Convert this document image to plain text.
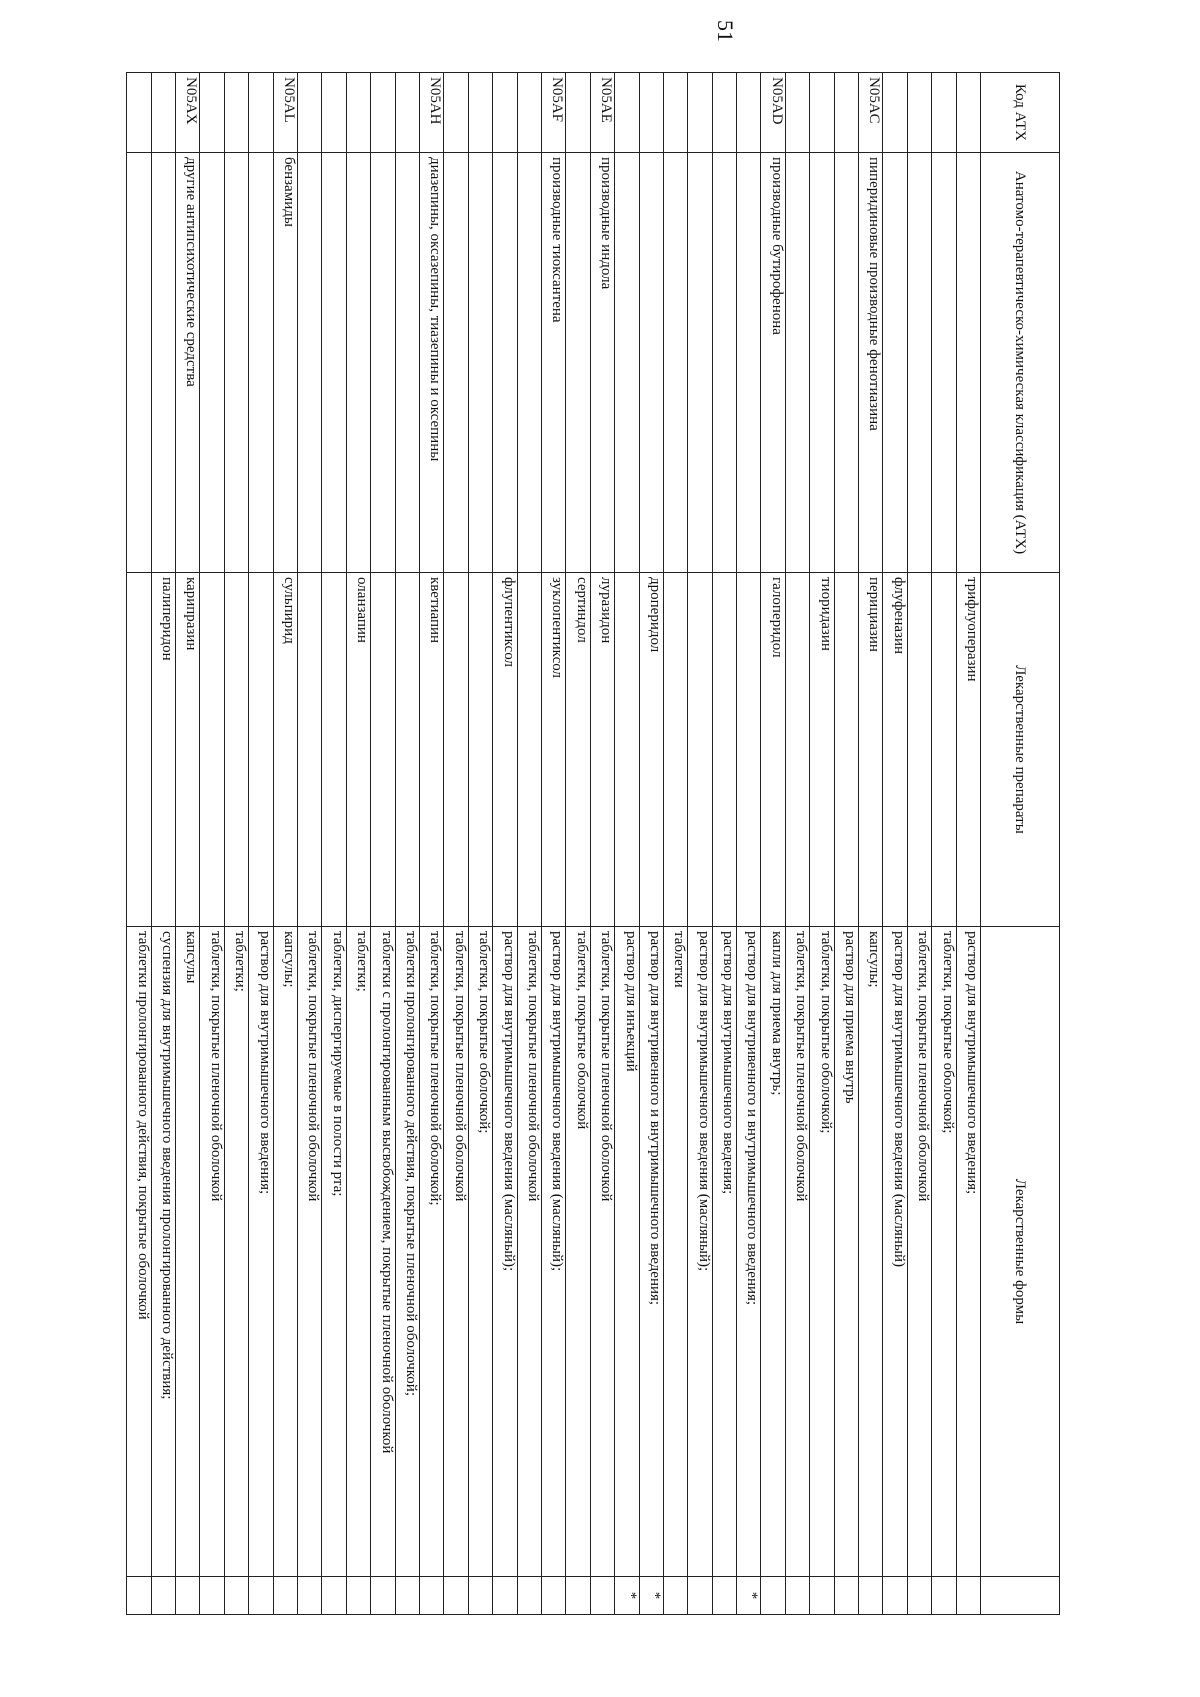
51
Код АТХ	Анатомо-терапевтическо-химическая классификация (АТХ)	Лекарственные препараты	Лекарственные формы	
		трифлуоперазин	раствор для внутримышечного введения;	
			таблетки, покрытые оболочкой;	
			таблетки, покрытые пленочной оболочкой	
		флуфеназин	раствор для внутримышечного введения (масляный)	
N05AC	пиперидиновые производные фенотиазина	перициазин	капсулы;	
			раствор для приема внутрь	
		тиоридазин	таблетки, покрытые оболочкой;	
			таблетки, покрытые пленочной оболочкой	
N05AD	производные бутирофенона	галоперидол	капли для приема внутрь;	
			раствор для внутривенного и внутримышечного введения;	*
			раствор для внутримышечного введения;	
			раствор для внутримышечного введения (масляный);	
			таблетки	
		дроперидол	раствор для внутривенного и внутримышечного введения;	*
			раствор для инъекций	*
N05AE	производные индола	луразидон	таблетки, покрытые пленочной оболочкой	
		сертиндол	таблетки, покрытые оболочкой	
N05AF	производные тиоксантена	зуклопентиксол	раствор для внутримышечного введения (масляный);	
			таблетки, покрытые пленочной оболочкой	
		флупентиксол	раствор для внутримышечного введения (масляный);	
			таблетки, покрытые оболочкой;	
			таблетки, покрытые пленочной оболочкой	
N05AH	диазепины, оксазепины, тиазепины и оксепины	кветиапин	таблетки, покрытые пленочной оболочкой;	
			таблетки пролонгированного действия, покрытые пленочной оболочкой;	
			таблетки с пролонгированным высвобождением, покрытые пленочной оболочкой	
		оланзапин	таблетки;	
			таблетки, диспергируемые в полости рта;	
			таблетки, покрытые пленочной оболочкой	
N05AL	бензамиды	сульпирид	капсулы;	
			раствор для внутримышечного введения;	
			таблетки;	
			таблетки, покрытые пленочной оболочкой	
N05AX	другие антипсихотические средства	карипразин	капсулы	
		палиперидон	суспензия для внутримышечного введения пролонгированного действия;	
			таблетки пролонгированного действия, покрытые оболочкой	
